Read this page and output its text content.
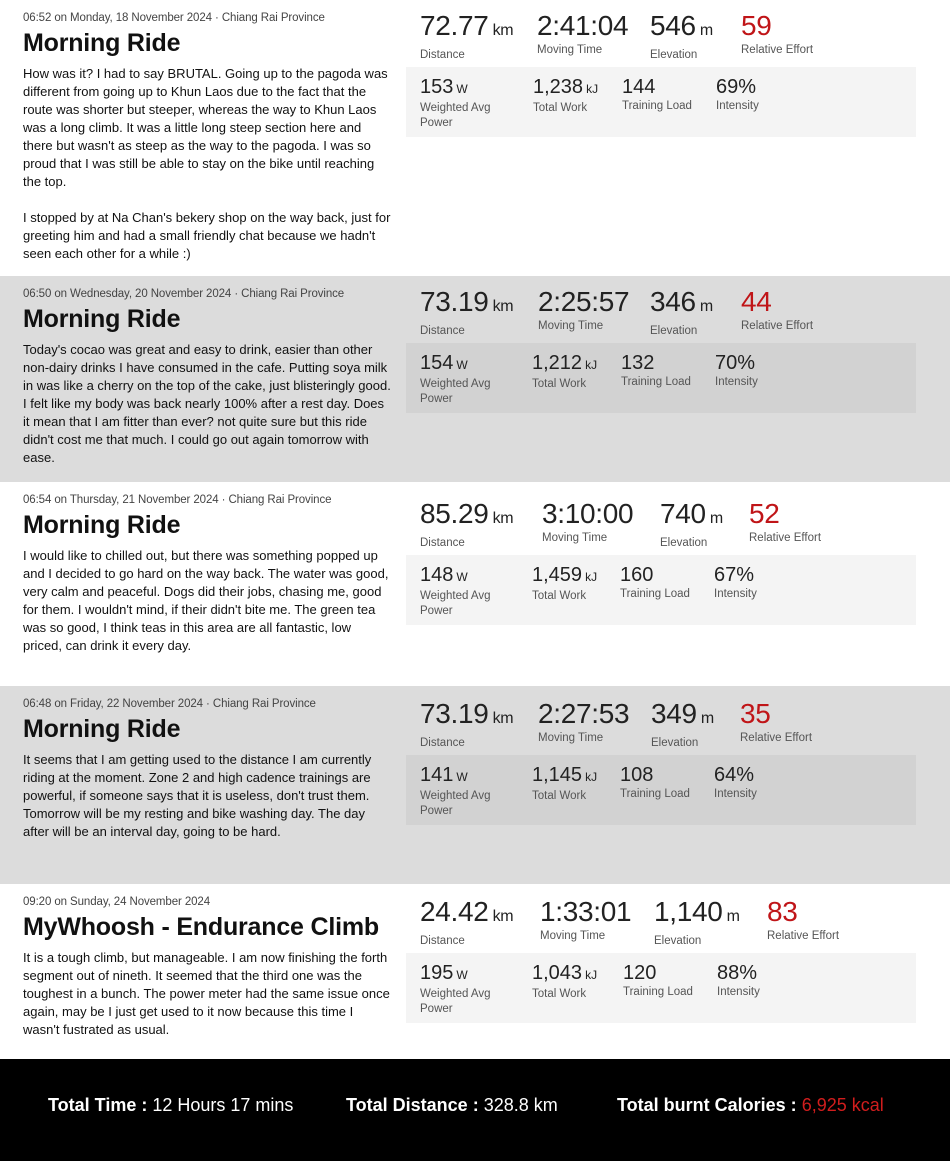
06:52 on Monday, 18 November 2024 · Chiang Rai Province
Morning Ride
How was it? I had to say BRUTAL. Going up to the pagoda was different from going up to Khun Laos due to the fact that the route was shorter but steeper, whereas the way to Khun Laos was a long climb. It was a little long steep section here and there but wasn't as steep as the way to the pagoda. I was so proud that I was still be able to stay on the bike until reaching the top.

I stopped by at Na Chan's bekery shop on the way back, just for greeting him and had a small friendly chat because we hadn't seen each other for a while :)
72.77 km
Distance
2:41:04
Moving Time
546 m
Elevation
59
Relative Effort
153 W
Weighted Avg Power
1,238 kJ
Total Work
144
Training Load
69%
Intensity
06:50 on Wednesday, 20 November 2024 · Chiang Rai Province
Morning Ride
Today's cocao was great and easy to drink, easier than other non-dairy drinks I have consumed in the cafe. Putting soya milk in was like a cherry on the top of the cake, just blisteringly good. I felt like my body was back nearly 100% after a rest day. Does it mean that I am fitter than ever? not quite sure but this ride didn't cost me that much. I could go out again tomorrow with ease.
73.19 km
Distance
2:25:57
Moving Time
346 m
Elevation
44
Relative Effort
154 W
Weighted Avg Power
1,212 kJ
Total Work
132
Training Load
70%
Intensity
06:54 on Thursday, 21 November 2024 · Chiang Rai Province
Morning Ride
I would like to chilled out, but there was something popped up and I decided to go hard on the way back. The water was good, very calm and peaceful. Dogs did their jobs, chasing me, good for them. I wouldn't mind, if their didn't bite me. The green tea was so good, I think teas in this area are all fantastic, low priced, can drink it every day.
85.29 km
Distance
3:10:00
Moving Time
740 m
Elevation
52
Relative Effort
148 W
Weighted Avg Power
1,459 kJ
Total Work
160
Training Load
67%
Intensity
06:48 on Friday, 22 November 2024 · Chiang Rai Province
Morning Ride
It seems that I am getting used to the distance I am currently riding at the moment. Zone 2 and high cadence trainings are powerful, if someone says that it is useless, don't trust them.
Tomorrow will be my resting and bike washing day. The day after will be an interval day, going to be hard.
73.19 km
Distance
2:27:53
Moving Time
349 m
Elevation
35
Relative Effort
141 W
Weighted Avg Power
1,145 kJ
Total Work
108
Training Load
64%
Intensity
09:20 on Sunday, 24 November 2024
MyWhoosh - Endurance Climb
It is a tough climb, but manageable. I am now finishing the forth segment out of nineth. It seemed that the third one was the toughest in a bunch. The power meter had the same issue once again, may be I just get used to it now because this time I wasn't fustrated as usual.
24.42 km
Distance
1:33:01
Moving Time
1,140 m
Elevation
83
Relative Effort
195 W
Weighted Avg Power
1,043 kJ
Total Work
120
Training Load
88%
Intensity
Total Time : 12 Hours 17 mins	Total Distance : 328.8 km	Total burnt Calories : 6,925 kcal
